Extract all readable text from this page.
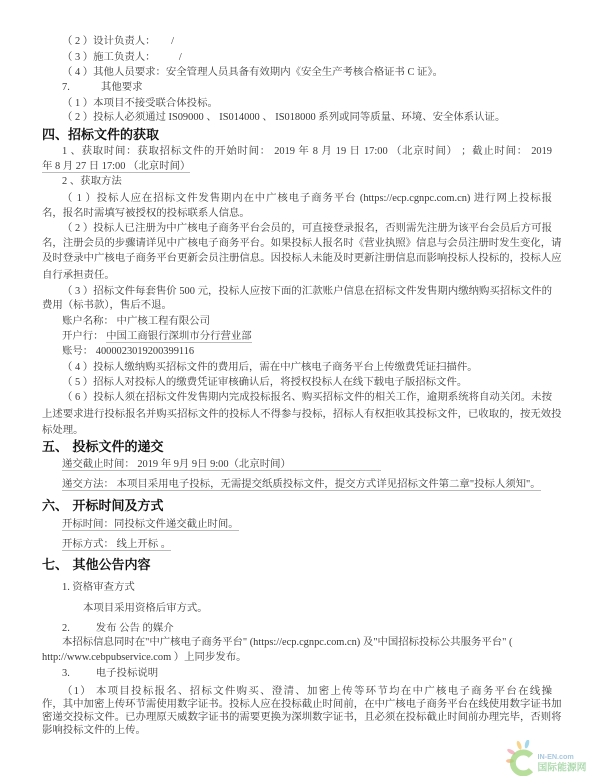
（ 2 ）设计负责人：      /
（ 3 ）施工负责人：         /
（ 4 ）其他人员要求：安全管理人员具备有效期内《安全生产考核合格证书 C 证》。
7.            其他要求
（ 1 ）本项目不接受联合体投标。
（ 2 ）投标人必须通过 IS09000 、 IS014000 、 IS018000 系列或同等质量、环境、安全体系认证。
四、招标文件的获取
1 、获取时间：获取招标文件的开始时间： 2019 年 8 月 19 日 17:00 （北京时间） ；截止时间： 2019
年 8 月 27 日 17:00 （北京时间）
2 、获取方法
（ 1 ）投标人应在招标文件发售期内在中广核电子商务平台 (https://ecp.cgnpc.com.cn) 进行网上投标报
名，报名时需填写被授权的投标联系人信息。
（ 2 ）投标人已注册为中广核电子商务平台会员的，可直接登录报名，否则需先注册为该平台会员后方可报
名，注册会员的步骤请详见中广核电子商务平台。如果投标人报名时《营业执照》信息与会员注册时发生变化，请
及时登录中广核电子商务平台更新会员注册信息。因投标人未能及时更新注册信息而影响投标人投标的，投标人应
自行承担责任。
（ 3 ）招标文件每套售价 500 元，投标人应按下面的汇款账户信息在招标文件发售期内缴纳购买招标文件的
费用（标书款），售后不退。
账户名称： 中广核工程有限公司
开户行： 中国工商银行深圳市分行营业部
账号： 4000023019200399116
（ 4 ）投标人缴纳购买招标文件的费用后，需在中广核电子商务平台上传缴费凭证扫描件。
（ 5 ）招标人对投标人的缴费凭证审核确认后，将授权投标人在线下载电子版招标文件。
（ 6 ）投标人须在招标文件发售期内完成投标报名、购买招标文件的相关工作，逾期系统将自动关闭。未按
上述要求进行投标报名并购买招标文件的投标人不得参与投标，招标人有权拒收其投标文件，已收取的，按无效投
标处理。
五、 投标文件的递交
递交截止时间： 2019 年 9月 9日 9:00（北京时间）
递交方法： 本项目采用电子投标，无需提交纸质投标文件，提交方式详见招标文件第二章"投标人须知"。
六、 开标时间及方式
开标时间：同投标文件递交截止时间。
开标方式： 线上开标 。
七、 其他公告内容
1. 资格审查方式
本项目采用资格后审方式。
2.          发布 公告 的媒介
本招标信息同时在"中广核电子商务平台" (https://ecp.cgnpc.com.cn) 及"中国招标投标公共服务平台" (
http://www.cebpubservice.com ）上同步发布。
3.          电子投标说明
（1） 本项目投标报名、招标文件购买、澄清、加密上传等环节均在中广核电子商务平台在线操
作，其中加密上传环节需使用数字证书。投标人应在投标截止时间前，在中广核电子商务平台在线使用数字证书加
密递交投标文件。已办理原天威数字证书的需要更换为深圳数字证书，且必须在投标截止时间前办理完毕，否则将
影响投标文件的上传。
IN-EN.com
国际能源网
